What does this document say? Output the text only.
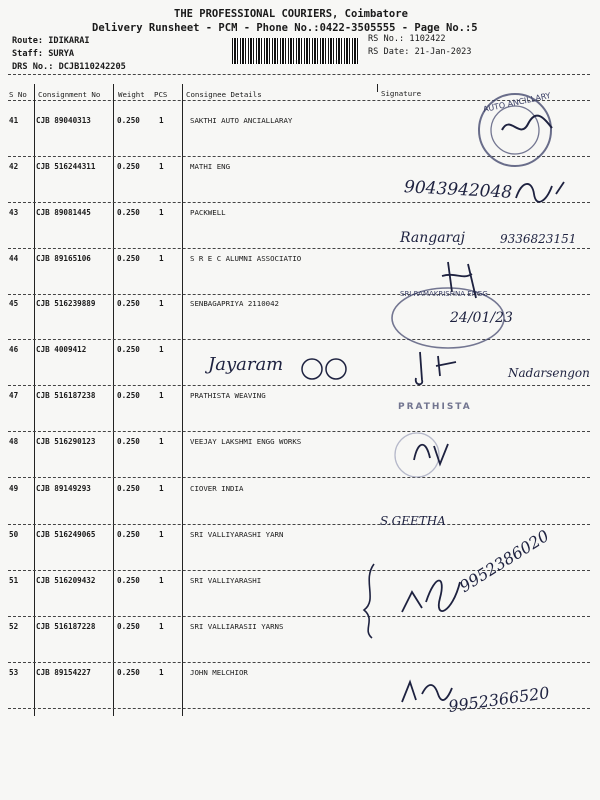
THE PROFESSIONAL COURIERS, Coimbatore
Delivery Runsheet - PCM - Phone No.:0422-3505555 - Page No.:5
Route: IDIKARAI
Staff: SURYA
DRS No.: DCJB110242205
RS No.: 1102422
RS Date: 21-Jan-2023
S No Consignment No Weight PCS	Consignee Details	Signature
41 CJB 89040313	0.250	1	SAKTHI AUTO ANCIALLARAY
42 CJB 516244311	0.250	1	MATHI ENG
43 CJB 89081445	0.250	1	PACKWELL
44 CJB 89165106	0.250	1	S R E C ALUMNI ASSOCIATIO
45 CJB 516239889	0.250	1	SENBAGAPRIYA 2110042
46 CJB 4009412	0.250	1
47 CJB 516187238	0.250	1	PRATHISTA WEAVING
48 CJB 516290123	0.250	1	VEEJAY LAKSHMI ENGG WORKS
49 CJB 89149293	0.250	1	CIOVER INDIA
50 CJB 516249065	0.250	1	SRI VALLIYARASHI YARN
51 CJB 516209432	0.250	1	SRI VALLIYARASHI
52 CJB 516187228	0.250	1	SRI VALLIARASII YARNS
53 CJB 89154227	0.250	1	JOHN MELCHIOR
AUTO ANCILLARY
SRI RAMAKRISHNA ENGG
PRATHISTA
9043942048
Rangaraj	9336823151
24/01/23
Jayaram	Nadarsengon
S.GEETHA
9952386020
9952366520
